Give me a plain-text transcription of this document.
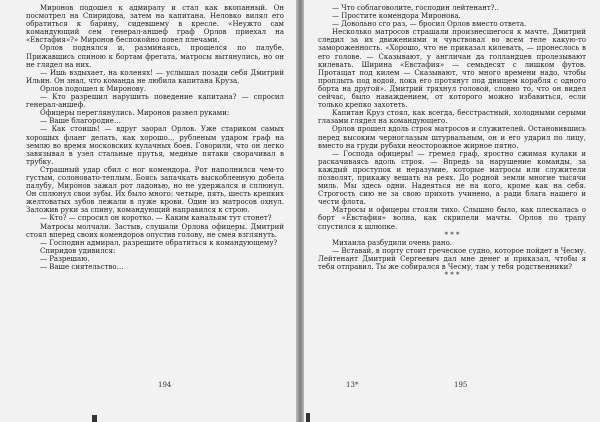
Миронов подошел к адмиралу и стал как вкопанный. Он посмотрел на Спиридова, затем на капитана. Неловко вилял его обратиться к барину, сидевшему в кресле. «Неужто сам командующий сем генерал-аншеф граф Орлов приехал на «Евстафия»?» Миронов беспокойно повел плечами.

Орлов поднялся и, разминаясь, прошелся по палубе. Прижавшись спиною к бортам фрегата, матросы вытянулись, но он не глядел на них.

— Ишь вздыхает, на коленях! — услышал позади себя Дмитрий Ильин. Он знал, что команда не любила капитана Круза.

Орлов подошел к Миронову.

— Кто разрешил нарушить поведение капитана? — спросил генерал-аншеф.

Офицеры переглянулись. Миронов развел руками:

— Ваше благородие…

— Как стоишь! — вдруг заорал Орлов. Уже стариком самых хорошых фланг делать, как хорошо... рубленым ударом граф на землю во время московских кулачных боев. Говорили, что он легко завязывал в узел стальные прутья, медные пятаки сворачивал в трубку.

Страшный удар сбил с ног комендора. Рот наполнился чем-то густым, солоновато-теплым. Боясь запачкать выскобленную добела палубу, Миронов зажал рот ладонью, но не удержался и сплюнул. Он сплюнул свои зубы. Их было много: четыре, пять, шесть крепких желтоватых зубов лежали в луже крови. Один из матросов охнул. Заложив руки за спину, командующий направился к строю.

— Кто? — спросил он коротко. — Каким канальям тут стонет?

Матросы молчали. Застыв, слушали Орлова офицеры. Дмитрий стоял вперед своих комендоров опустив голову, не смея взглянуть.

— Господин адмирал, разрешите обратиться к командующему?

Спиридов удивился:

— Разрешаю.

— Ваше сиятельство…

194

— Что соблаговолите, господин лейтенант?..

— Простите комендора Миронова.

— Довольно сго раз, — бросил Орлов вместо ответа.

Несколько матросов страшали произнесшегося к мачте. Дмитрий следил за их движениями и чувствовал во всем теле какую-то замороженность. «Хорошо, что не приказал килевать, — пронеслось в его голове. — Сказывают, у англичан да голландцев пролезывают килевать. Ширина «Евстафия» — семьдесят с лишком футов. Протащат под килем — Сказывают, что много времени надо, чтобы проплыть под водой, пока его протянут под днищем корабля с одного борта на другой». Дмитрий тряхнул головой, словно то, что он видел сейчас, было наваждением, от которого можно избавиться, если только крепко захотеть.

Капитан Круз стоял, как всегда, бесстрастный, холодными серыми глазами глядел на командующего.

Орлов прошел вдоль строя матросов и служителей. Остановившись перед высоким черноглазым штурвальным, он и его ударил по лицу, вместо на груди рубахи неосторожное жирное пятно.

— Господа офицеры! — гремел граф, яростно сжимая кулаки и раскачиваясь вдоль строя. — Впредь за нарушение команды, за каждый проступок и неразумие, которые матросы или служители позволят, прикажу вешать на реях. До родной земли многие тысячи миль. Мы здесь одни. Надеяться не на кого, кроме как на себя. Строгость сию не за свою прихоть учинено, а ради блага нашего и чести флота.

Матросы и офицеры стояли тихо. Слышно было, как плескалась о борт «Евстафия» волна, как скрипели мачты. Орлов по трапу спустился к шлюпке.

* * *

Михаила разбудили очень рано.

— Вставай, в порту стоит греческое судно, которое пойдет в Чесму. Лейтенант Дмитрий Сергеевич дал мне денег и приказал, чтобы я тебя отправил. Ты же собирался в Чесму, там у тебя родственники?

* * *

13*	195
